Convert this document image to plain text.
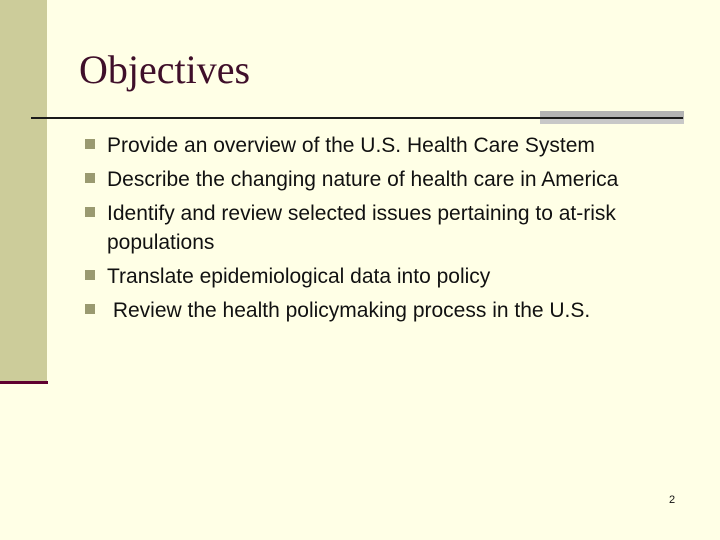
Objectives
Provide an overview of the U.S. Health Care System
Describe the changing nature of health care in America
Identify and review selected issues pertaining to at-risk populations
Translate epidemiological data into policy
Review the health policymaking process in the U.S.
2
